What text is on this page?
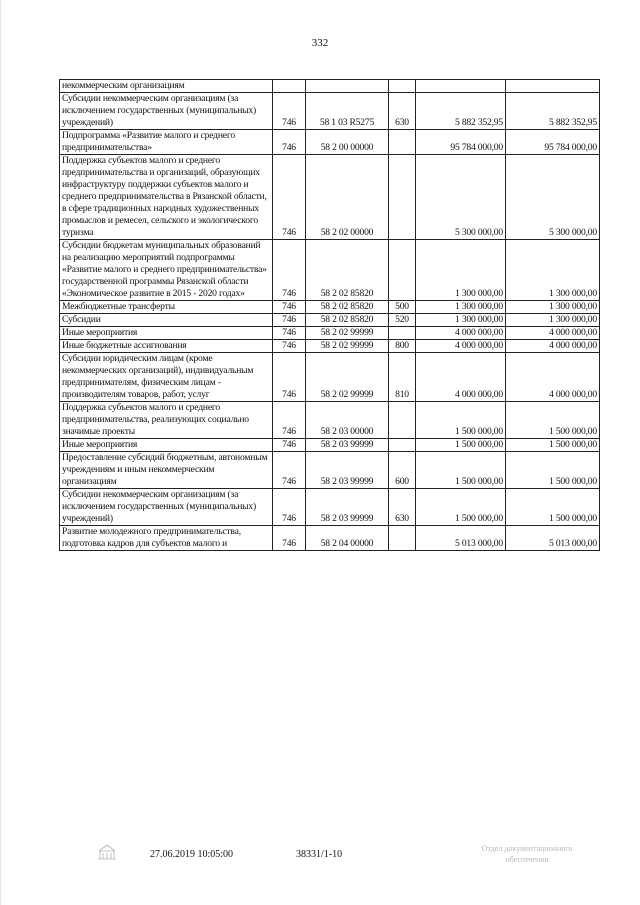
332
некоммерческим организациям					
Субсидии некоммерческим организациям (за исключением государственных (муниципальных) учреждений)	746	58 1 03 R5275	630	5 882 352,95	5 882 352,95
Подпрограмма «Развитие малого и среднего предпринимательства»	746	58 2 00 00000		95 784 000,00	95 784 000,00
Поддержка субъектов малого и среднего предпринимательства и организаций, образующих инфраструктуру поддержки субъектов малого и среднего предпринимательства в Рязанской области, в сфере традиционных народных художественных промыслов и ремесел, сельского и экологического туризма	746	58 2 02 00000		5 300 000,00	5 300 000,00
Субсидии бюджетам муниципальных образований на реализацию мероприятий подпрограммы «Развитие малого и среднего предпринимательства» государственной программы Рязанской области «Экономическое развитие в 2015 - 2020 годах»	746	58 2 02 85820		1 300 000,00	1 300 000,00
Межбюджетные трансферты	746	58 2 02 85820	500	1 300 000,00	1 300 000,00
Субсидии	746	58 2 02 85820	520	1 300 000,00	1 300 000,00
Иные мероприятия	746	58 2 02 99999		4 000 000,00	4 000 000,00
Иные бюджетные ассигнования	746	58 2 02 99999	800	4 000 000,00	4 000 000,00
Субсидии юридическим лицам (кроме некоммерческих организаций), индивидуальным предпринимателям, физическим лицам - производителям товаров, работ, услуг	746	58 2 02 99999	810	4 000 000,00	4 000 000,00
Поддержка субъектов малого и среднего предпринимательства, реализующих социально значимые проекты	746	58 2 03 00000		1 500 000,00	1 500 000,00
Иные мероприятия	746	58 2 03 99999		1 500 000,00	1 500 000,00
Предоставление субсидий бюджетным, автономным учреждениям и иным некоммерческим организациям	746	58 2 03 99999	600	1 500 000,00	1 500 000,00
Субсидии некоммерческим организациям (за исключением государственных (муниципальных) учреждений)	746	58 2 03 99999	630	1 500 000,00	1 500 000,00
Развитие молодежного предпринимательства, подготовка кадров для субъектов малого и	746	58 2 04 00000		5 013 000,00	5 013 000,00
27.06.2019 10:05:00	38331/1-10
Отдел документационного
обеспечения
